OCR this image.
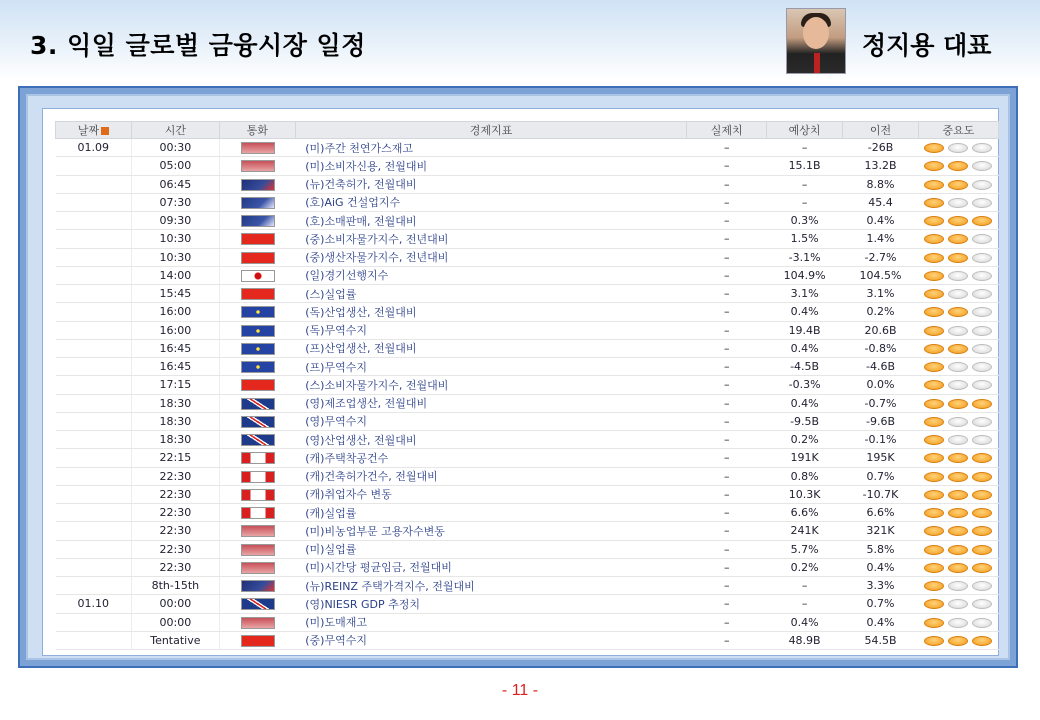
3. 익일 글로벌 금융시장 일정	정지용 대표
날짜	시간	통화	경제지표	실제치	예상치	이전	중요도
01.09	00:30		(미)주간 천연가스재고	–	–	-26B	
	05:00		(미)소비자신용, 전월대비	–	15.1B	13.2B	
	06:45		(뉴)건축허가, 전월대비	–	–	8.8%	
	07:30		(호)AiG 건설업지수	–	–	45.4	
	09:30		(호)소매판매, 전월대비	–	0.3%	0.4%	
	10:30		(중)소비자물가지수, 전년대비	–	1.5%	1.4%	
	10:30		(중)생산자물가지수, 전년대비	–	-3.1%	-2.7%	
	14:00		(일)경기선행지수	–	104.9%	104.5%	
	15:45		(스)실업률	–	3.1%	3.1%	
	16:00		(독)산업생산, 전월대비	–	0.4%	0.2%	
	16:00		(독)무역수지	–	19.4B	20.6B	
	16:45		(프)산업생산, 전월대비	–	0.4%	-0.8%	
	16:45		(프)무역수지	–	-4.5B	-4.6B	
	17:15		(스)소비자물가지수, 전월대비	–	-0.3%	0.0%	
	18:30		(영)제조업생산, 전월대비	–	0.4%	-0.7%	
	18:30		(영)무역수지	–	-9.5B	-9.6B	
	18:30		(영)산업생산, 전월대비	–	0.2%	-0.1%	
	22:15		(캐)주택착공건수	–	191K	195K	
	22:30		(캐)건축허가건수, 전월대비	–	0.8%	0.7%	
	22:30		(캐)취업자수 변동	–	10.3K	-10.7K	
	22:30		(캐)실업률	–	6.6%	6.6%	
	22:30		(미)비농업부문 고용자수변동	–	241K	321K	
	22:30		(미)실업률	–	5.7%	5.8%	
	22:30		(미)시간당 평균임금, 전월대비	–	0.2%	0.4%	
	8th-15th		(뉴)REINZ 주택가격지수, 전월대비	–	–	3.3%	
01.10	00:00		(영)NIESR GDP 추정치	–	–	0.7%	
	00:00		(미)도매재고	–	0.4%	0.4%	
	Tentative		(중)무역수지	–	48.9B	54.5B	
- 11 -
